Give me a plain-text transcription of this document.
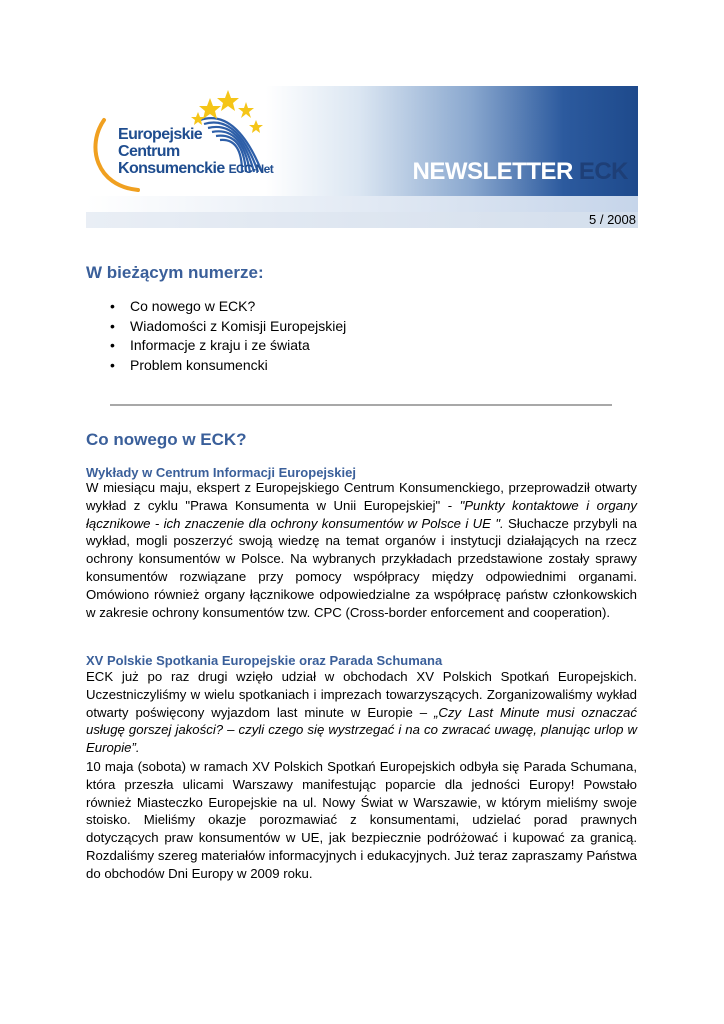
Europejskie
Centrum
Konsumenckie ECC-Net	NEWSLETTER ECK
5 / 2008
W bieżącym numerze:
• Co nowego w ECK?
• Wiadomości z Komisji Europejskiej
• Informacje z kraju i ze świata
• Problem konsumencki
Co nowego w ECK?
Wykłady w Centrum Informacji Europejskiej

W miesiącu maju, ekspert z Europejskiego Centrum Konsumenckiego, przeprowadził otwarty wykład z cyklu "Prawa Konsumenta w Unii Europejskiej" - "Punkty kontaktowe i organy łącznikowe - ich znaczenie dla ochrony konsumentów w Polsce i UE ". Słuchacze przybyli na wykład, mogli poszerzyć swoją wiedzę na temat organów i instytucji działających na rzecz ochrony konsumentów w Polsce. Na wybranych przykładach przedstawione zostały sprawy konsumentów rozwiązane przy pomocy współpracy między odpowiednimi organami. Omówiono również organy łącznikowe odpowiedzialne za współpracę państw członkowskich w zakresie ochrony konsumentów tzw. CPC (Cross-border enforcement and cooperation).

XV Polskie Spotkania Europejskie oraz Parada Schumana

ECK już po raz drugi wzięło udział w obchodach XV Polskich Spotkań Europejskich. Uczestniczyliśmy w wielu spotkaniach i imprezach towarzyszących. Zorganizowaliśmy wykład otwarty poświęcony wyjazdom last minute w Europie – „Czy Last Minute musi oznaczać usługę gorszej jakości? – czyli czego się wystrzegać i na co zwracać uwagę, planując urlop w Europie”.

10 maja (sobota) w ramach XV Polskich Spotkań Europejskich odbyła się Parada Schumana, która przeszła ulicami Warszawy manifestując poparcie dla jedności Europy! Powstało również Miasteczko Europejskie na ul. Nowy Świat w Warszawie, w którym mieliśmy swoje stoisko. Mieliśmy okazje porozmawiać z konsumentami, udzielać porad prawnych dotyczących praw konsumentów w UE, jak bezpiecznie podróżować i kupować za granicą. Rozdaliśmy szereg materiałów informacyjnych i edukacyjnych. Już teraz zapraszamy Państwa do obchodów Dni Europy w 2009 roku.
